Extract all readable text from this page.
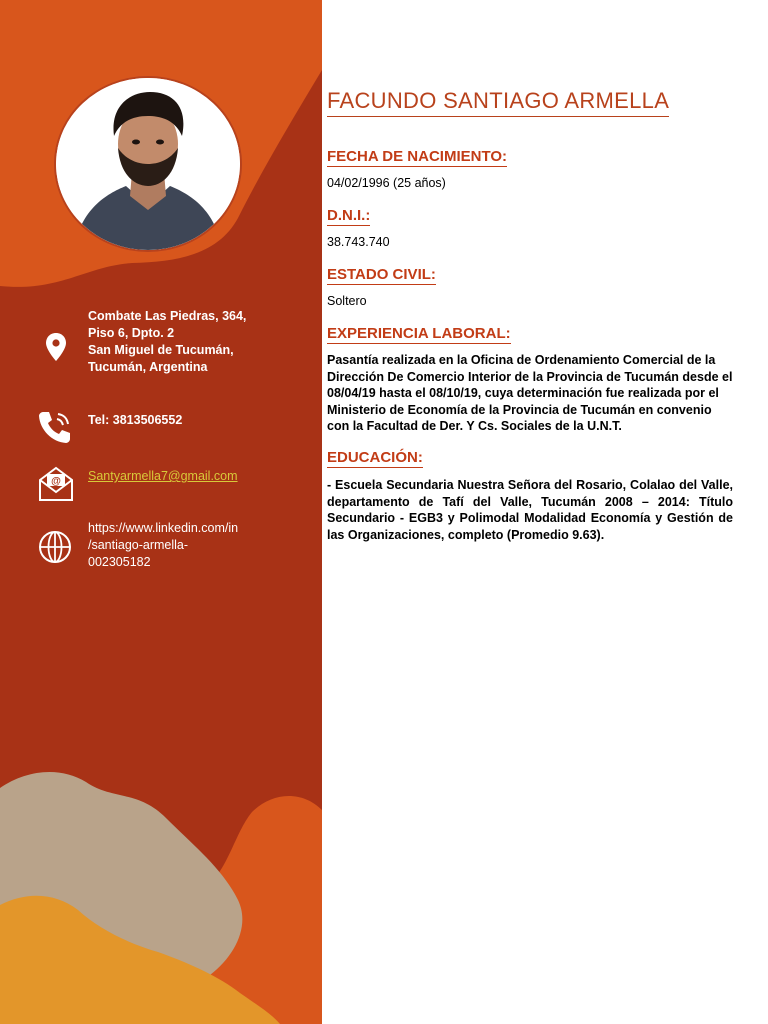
Combate Las Piedras, 364,
Piso 6, Dpto. 2
San Miguel de Tucumán,
Tucumán, Argentina
Tel: 3813506552
@ Santyarmella7@gmail.com
https://www.linkedin.com/in
/santiago-armella-
002305182
FACUNDO SANTIAGO ARMELLA
FECHA DE NACIMIENTO:
04/02/1996 (25 años)
D.N.I.:
38.743.740
ESTADO CIVIL:
Soltero
EXPERIENCIA LABORAL:
Pasantía realizada en la Oficina de Ordenamiento Comercial de la Dirección De Comercio Interior de la Provincia de Tucumán desde el 08/04/19 hasta el 08/10/19, cuya determinación fue realizada por el Ministerio de Economía de la Provincia de Tucumán en convenio con la Facultad de Der. Y Cs. Sociales de la U.N.T.
EDUCACIÓN:
- Escuela Secundaria Nuestra Señora del Rosario, Colalao del Valle, departamento de Tafí del Valle, Tucumán 2008 – 2014: Título Secundario - EGB3 y Polimodal Modalidad Economía y Gestión de las Organizaciones, completo (Promedio 9.63).
